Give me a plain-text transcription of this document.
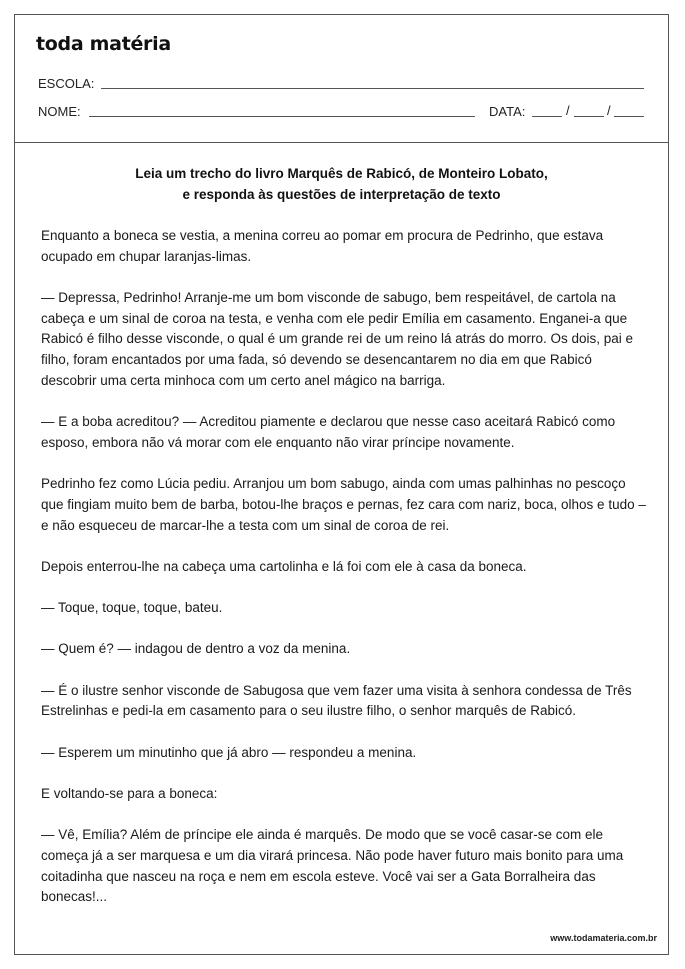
toda matéria
ESCOLA:
NOME:	DATA:	/	/
Leia um trecho do livro Marquês de Rabicó, de Monteiro Lobato,
e responda às questões de interpretação de texto

Enquanto a boneca se vestia, a menina correu ao pomar em procura de Pedrinho, que estava ocupado em chupar laranjas-limas.

— Depressa, Pedrinho! Arranje-me um bom visconde de sabugo, bem respeitável, de cartola na cabeça e um sinal de coroa na testa, e venha com ele pedir Emília em casamento. Enganei-a que Rabicó é filho desse visconde, o qual é um grande rei de um reino lá atrás do morro. Os dois, pai e filho, foram encantados por uma fada, só devendo se desencantarem no dia em que Rabicó descobrir uma certa minhoca com um certo anel mágico na barriga.

— E a boba acreditou? — Acreditou piamente e declarou que nesse caso aceitará Rabicó como esposo, embora não vá morar com ele enquanto não virar príncipe novamente.

Pedrinho fez como Lúcia pediu. Arranjou um bom sabugo, ainda com umas palhinhas no pescoço que fingiam muito bem de barba, botou-lhe braços e pernas, fez cara com nariz, boca, olhos e tudo – e não esqueceu de marcar-lhe a testa com um sinal de coroa de rei.

Depois enterrou-lhe na cabeça uma cartolinha e lá foi com ele à casa da boneca.

— Toque, toque, toque, bateu.

— Quem é? — indagou de dentro a voz da menina.

— É o ilustre senhor visconde de Sabugosa que vem fazer uma visita à senhora condessa de Três Estrelinhas e pedi-la em casamento para o seu ilustre filho, o senhor marquês de Rabicó.

— Esperem um minutinho que já abro — respondeu a menina.

E voltando-se para a boneca:

— Vê, Emília? Além de príncipe ele ainda é marquês. De modo que se você casar-se com ele começa já a ser marquesa e um dia virará princesa. Não pode haver futuro mais bonito para uma coitadinha que nasceu na roça e nem em escola esteve. Você vai ser a Gata Borralheira das bonecas!...

www.todamateria.com.br
